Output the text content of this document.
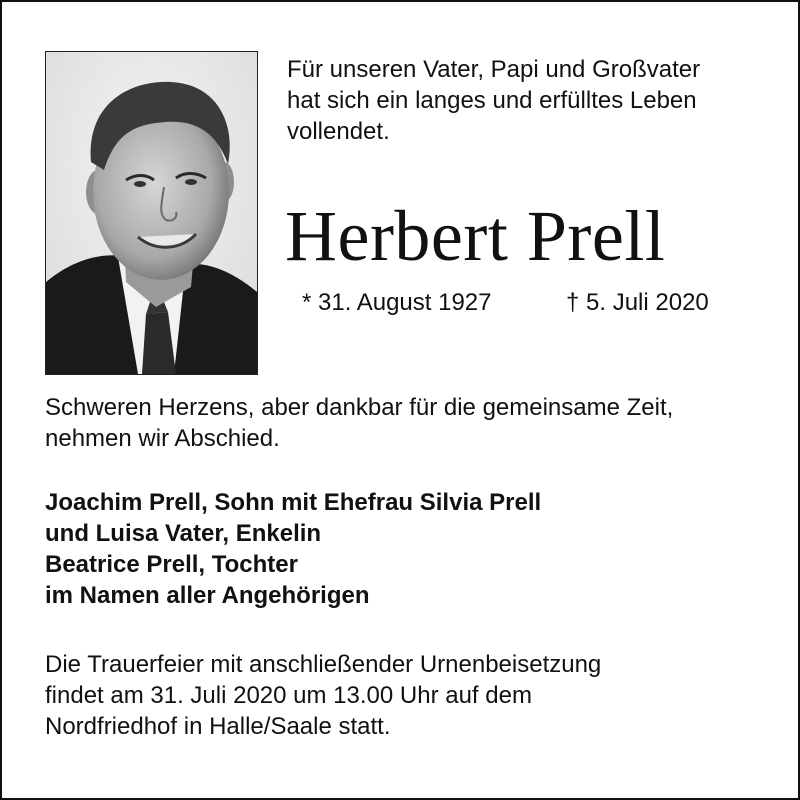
Für unseren Vater, Papi und Großvater
hat sich ein langes und erfülltes Leben
vollendet.
Herbert Prell
* 31. August 1927	† 5. Juli 2020
Schweren Herzens, aber dankbar für die gemeinsame Zeit,
nehmen wir Abschied.
Joachim Prell, Sohn mit Ehefrau Silvia Prell
und Luisa Vater, Enkelin
Beatrice Prell, Tochter
im Namen aller Angehörigen
Die Trauerfeier mit anschließender Urnenbeisetzung
findet am 31. Juli 2020 um 13.00 Uhr auf dem
Nordfriedhof in Halle/Saale statt.
